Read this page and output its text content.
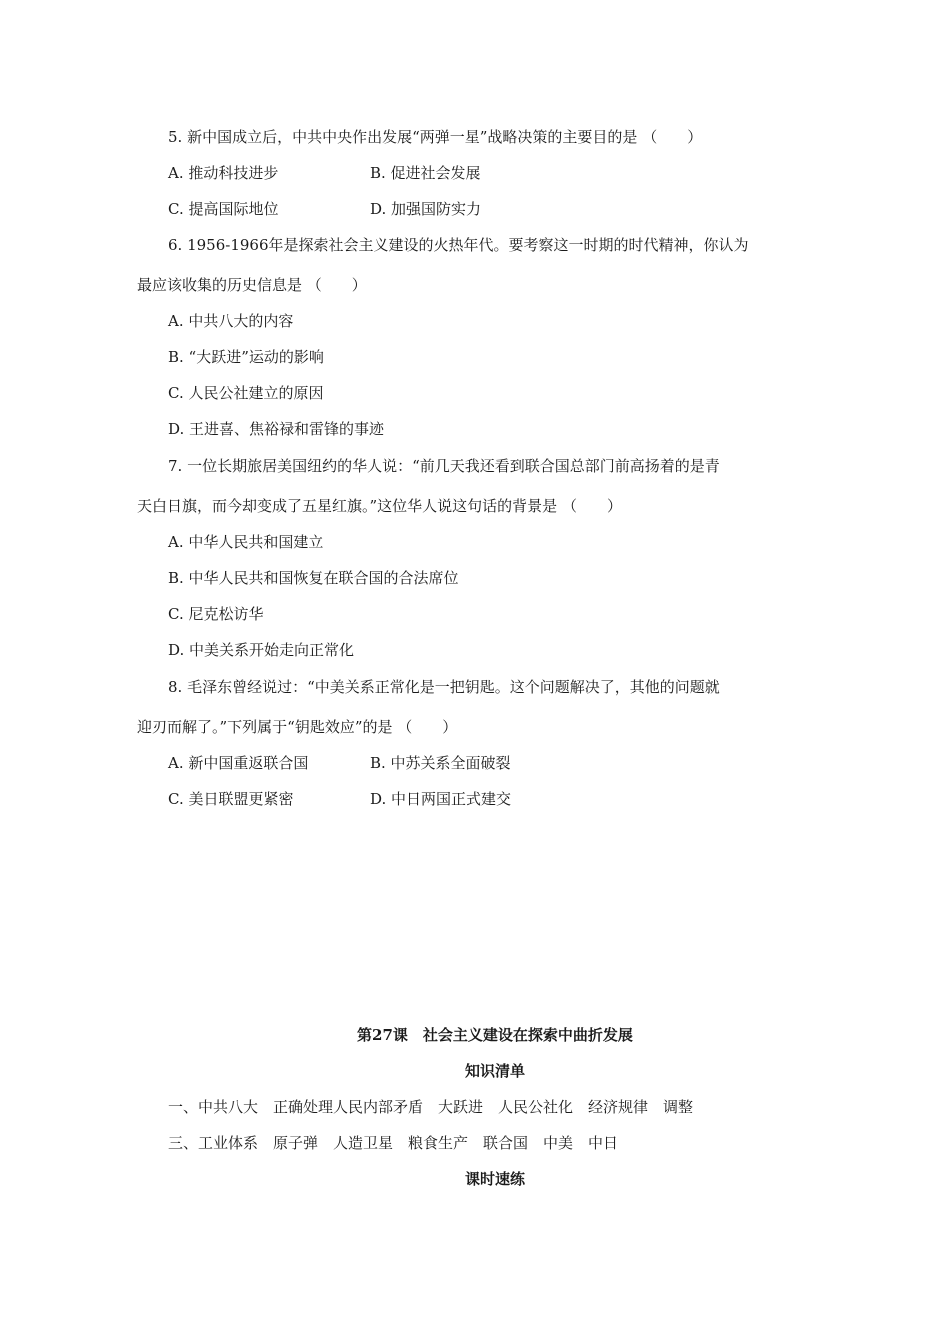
5. 新中国成立后，中共中央作出发展“两弹一星”战略决策的主要目的是 （　　）
A. 推动科技进步	B. 促进社会发展
C. 提高国际地位	D. 加强国防实力
6. 1956-1966年是探索社会主义建设的火热年代。要考察这一时期的时代精神，你认为
最应该收集的历史信息是 （　　）
A. 中共八大的内容
B. “大跃进”运动的影响
C. 人民公社建立的原因
D. 王进喜、焦裕禄和雷锋的事迹
7. 一位长期旅居美国纽约的华人说：“前几天我还看到联合国总部门前高扬着的是青
天白日旗，而今却变成了五星红旗。”这位华人说这句话的背景是 （　　）
A. 中华人民共和国建立
B. 中华人民共和国恢复在联合国的合法席位
C. 尼克松访华
D. 中美关系开始走向正常化
8. 毛泽东曾经说过：“中美关系正常化是一把钥匙。这个问题解决了，其他的问题就
迎刃而解了。”下列属于“钥匙效应”的是 （　　）
A. 新中国重返联合国	B. 中苏关系全面破裂
C. 美日联盟更紧密	D. 中日两国正式建交
第27课　社会主义建设在探索中曲折发展
知识清单
一、中共八大　正确处理人民内部矛盾　大跃进　人民公社化　经济规律　调整
三、工业体系　原子弹　人造卫星　粮食生产　联合国　中美　中日
课时速练
